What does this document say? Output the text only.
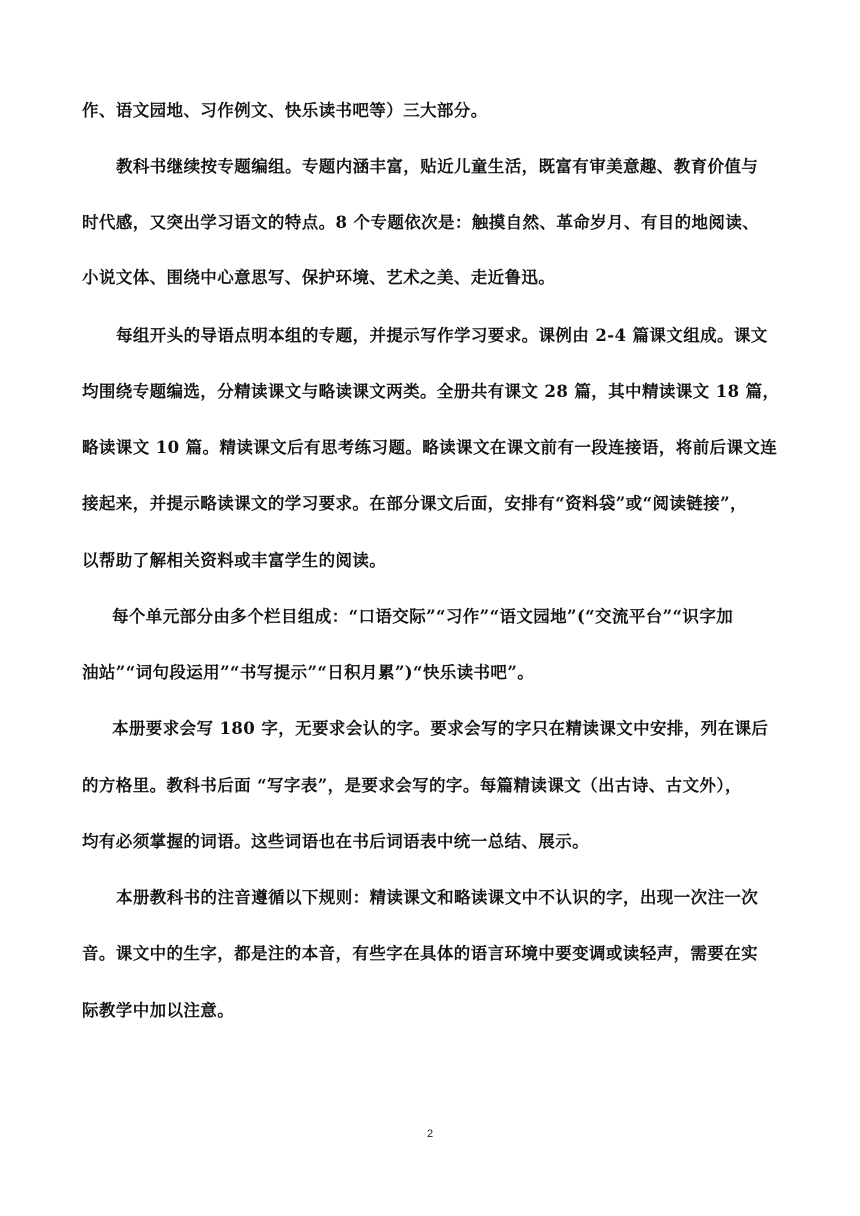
作、语文园地、习作例文、快乐读书吧等）三大部分。
教科书继续按专题编组。专题内涵丰富，贴近儿童生活，既富有审美意趣、教育价值与
时代感，又突出学习语文的特点。8 个专题依次是：触摸自然、革命岁月、有目的地阅读、
小说文体、围绕中心意思写、保护环境、艺术之美、走近鲁迅。
每组开头的导语点明本组的专题，并提示写作学习要求。课例由 2-4 篇课文组成。课文
均围绕专题编选，分精读课文与略读课文两类。全册共有课文 28 篇，其中精读课文 18 篇，
略读课文 10 篇。精读课文后有思考练习题。略读课文在课文前有一段连接语，将前后课文连
接起来，并提示略读课文的学习要求。在部分课文后面，安排有“资料袋”或“阅读链接”，
以帮助了解相关资料或丰富学生的阅读。
每个单元部分由多个栏目组成：“口语交际”“习作”“语文园地”(“交流平台”“识字加
油站”“词句段运用”“书写提示”“日积月累”)“快乐读书吧”。
本册要求会写 180 字，无要求会认的字。要求会写的字只在精读课文中安排，列在课后
的方格里。教科书后面 “写字表”，是要求会写的字。每篇精读课文（出古诗、古文外），
均有必须掌握的词语。这些词语也在书后词语表中统一总结、展示。
本册教科书的注音遵循以下规则：精读课文和略读课文中不认识的字，出现一次注一次
音。课文中的生字，都是注的本音，有些字在具体的语言环境中要变调或读轻声，需要在实
际教学中加以注意。
2
